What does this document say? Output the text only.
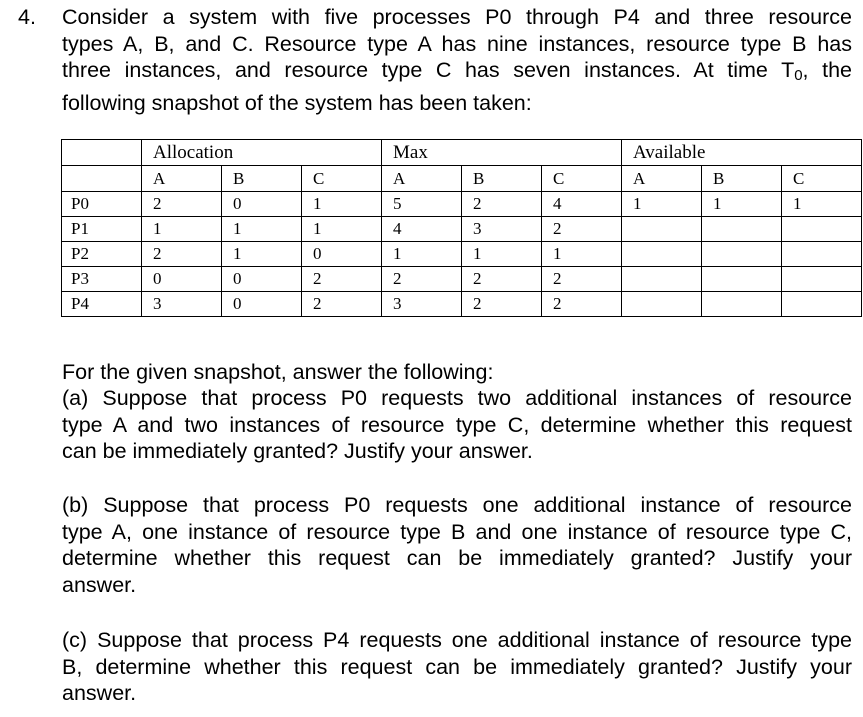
4. Consider a system with five processes P0 through P4 and three resource
types A, B, and C. Resource type A has nine instances, resource type B has
three instances, and resource type C has seven instances. At time T0, the
following snapshot of the system has been taken:
	Allocation			Max			Available		
	A	B	C	A	B	C	A	B	C
P0	2	0	1	5	2	4	1	1	1
P1	1	1	1	4	3	2			
P2	2	1	0	1	1	1			
P3	0	0	2	2	2	2			
P4	3	0	2	3	2	2			
For the given snapshot, answer the following:
(a) Suppose that process P0 requests two additional instances of resource
type A and two instances of resource type C, determine whether this request
can be immediately granted? Justify your answer.
(b) Suppose that process P0 requests one additional instance of resource
type A, one instance of resource type B and one instance of resource type C,
determine whether this request can be immediately granted? Justify your
answer.
(c) Suppose that process P4 requests one additional instance of resource type
B, determine whether this request can be immediately granted? Justify your
answer.
